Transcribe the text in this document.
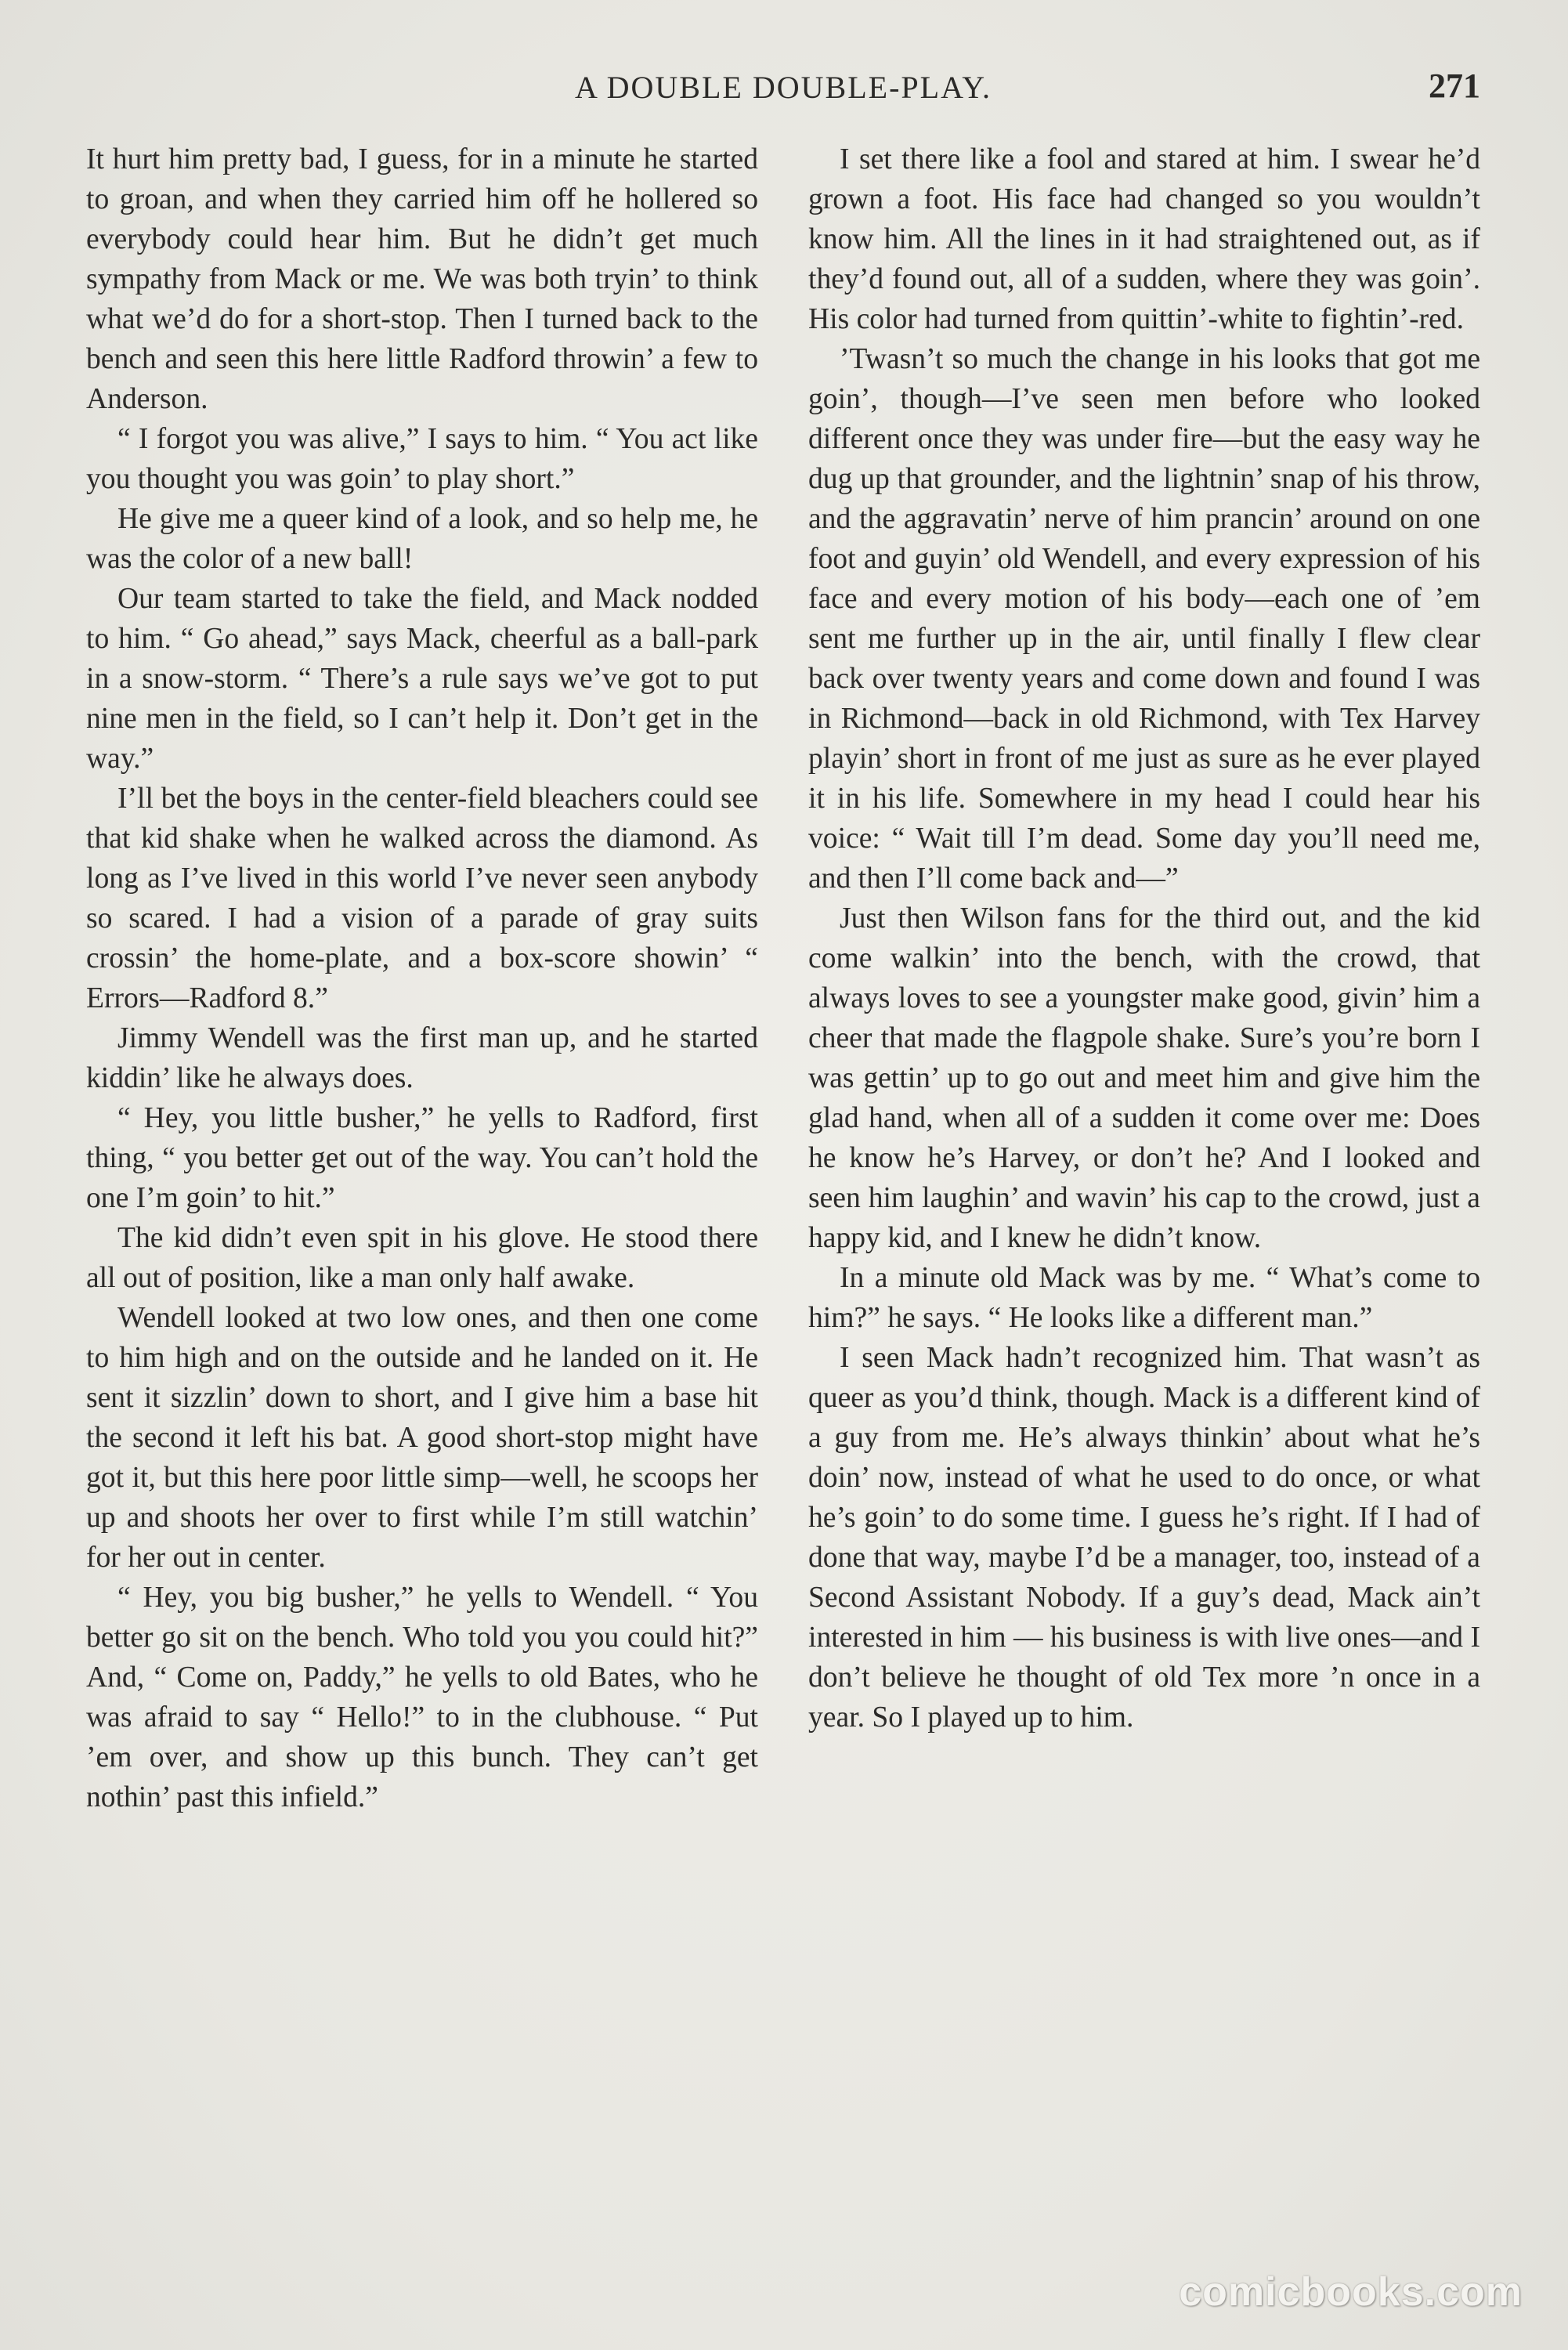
A DOUBLE DOUBLE-PLAY.	271

It hurt him pretty bad, I guess, for in a minute he started to groan, and when they carried him off he hollered so everybody could hear him. But he didn’t get much sympathy from Mack or me. We was both tryin’ to think what we’d do for a short-stop. Then I turned back to the bench and seen this here little Radford throwin’ a few to Anderson.

“ I forgot you was alive,” I says to him. “ You act like you thought you was goin’ to play short.”

He give me a queer kind of a look, and so help me, he was the color of a new ball!

Our team started to take the field, and Mack nodded to him. “ Go ahead,” says Mack, cheerful as a ball-park in a snow-storm. “ There’s a rule says we’ve got to put nine men in the field, so I can’t help it. Don’t get in the way.”

I’ll bet the boys in the center-field bleachers could see that kid shake when he walked across the diamond. As long as I’ve lived in this world I’ve never seen anybody so scared. I had a vision of a parade of gray suits crossin’ the home-plate, and a box-score showin’ “ Errors—Radford 8.”

Jimmy Wendell was the first man up, and he started kiddin’ like he always does.

“ Hey, you little busher,” he yells to Radford, first thing, “ you better get out of the way. You can’t hold the one I’m goin’ to hit.”

The kid didn’t even spit in his glove. He stood there all out of position, like a man only half awake.

Wendell looked at two low ones, and then one come to him high and on the outside and he landed on it. He sent it sizzlin’ down to short, and I give him a base hit the second it left his bat. A good short-stop might have got it, but this here poor little simp—well, he scoops her up and shoots her over to first while I’m still watchin’ for her out in center.

“ Hey, you big busher,” he yells to Wendell. “ You better go sit on the bench. Who told you you could hit?” And, “ Come on, Paddy,” he yells to old Bates, who he was afraid to say “ Hello!” to in the clubhouse. “ Put ’em over, and show up this bunch. They can’t get nothin’ past this infield.”

I set there like a fool and stared at him. I swear he’d grown a foot. His face had changed so you wouldn’t know him. All the lines in it had straightened out, as if they’d found out, all of a sudden, where they was goin’. His color had turned from quittin’-white to fightin’-red.

’Twasn’t so much the change in his looks that got me goin’, though—I’ve seen men before who looked different once they was under fire—but the easy way he dug up that grounder, and the lightnin’ snap of his throw, and the aggravatin’ nerve of him prancin’ around on one foot and guyin’ old Wendell, and every expression of his face and every motion of his body—each one of ’em sent me further up in the air, until finally I flew clear back over twenty years and come down and found I was in Richmond—back in old Richmond, with Tex Harvey playin’ short in front of me just as sure as he ever played it in his life. Somewhere in my head I could hear his voice: “ Wait till I’m dead. Some day you’ll need me, and then I’ll come back and—”

Just then Wilson fans for the third out, and the kid come walkin’ into the bench, with the crowd, that always loves to see a youngster make good, givin’ him a cheer that made the flagpole shake. Sure’s you’re born I was gettin’ up to go out and meet him and give him the glad hand, when all of a sudden it come over me: Does he know he’s Harvey, or don’t he? And I looked and seen him laughin’ and wavin’ his cap to the crowd, just a happy kid, and I knew he didn’t know.

In a minute old Mack was by me. “ What’s come to him?” he says. “ He looks like a different man.”

I seen Mack hadn’t recognized him. That wasn’t as queer as you’d think, though. Mack is a different kind of a guy from me. He’s always thinkin’ about what he’s doin’ now, instead of what he used to do once, or what he’s goin’ to do some time. I guess he’s right. If I had of done that way, maybe I’d be a manager, too, instead of a Second Assistant Nobody. If a guy’s dead, Mack ain’t interested in him — his business is with live ones—and I don’t believe he thought of old Tex more ’n once in a year. So I played up to him.

comicbooks.com
